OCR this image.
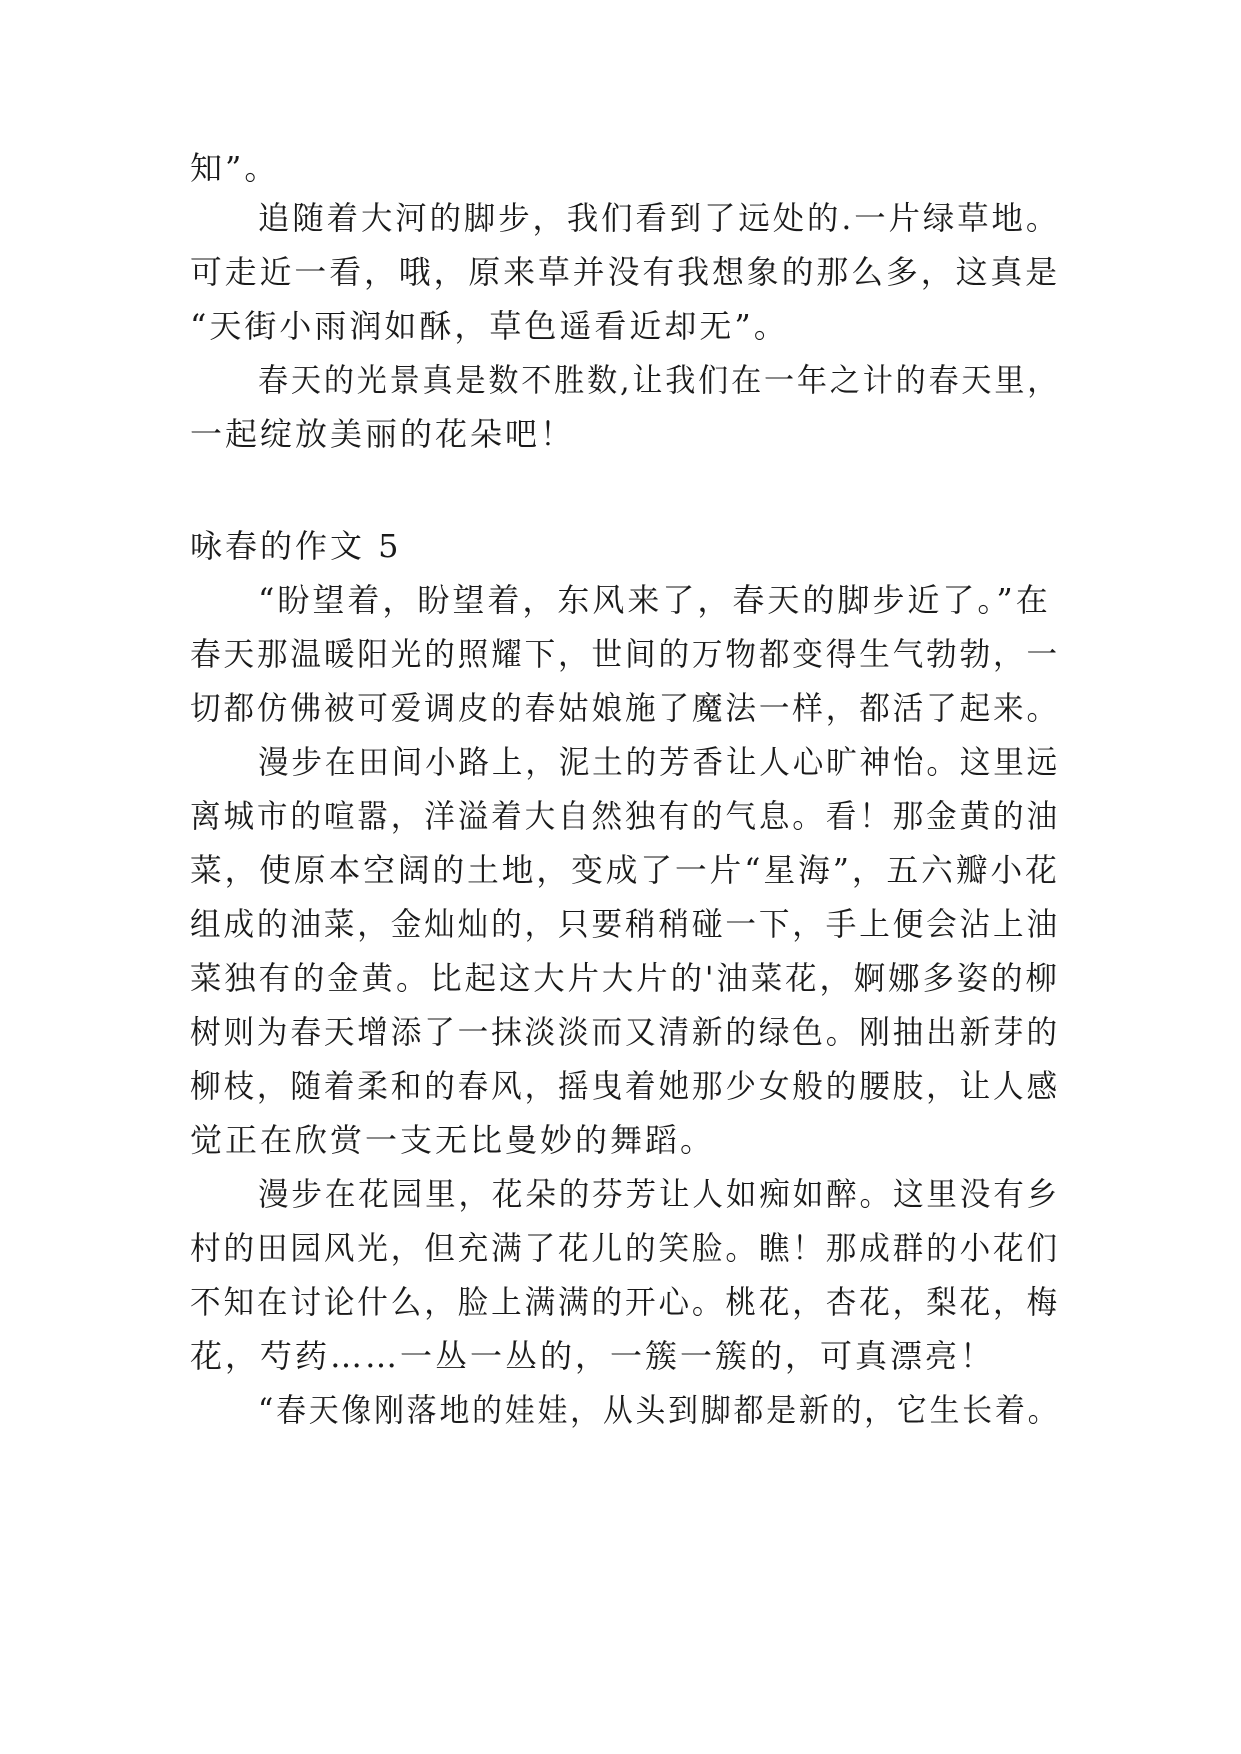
知”。
追随着大河的脚步，我们看到了远处的.一片绿草地。
可走近一看，哦，原来草并没有我想象的那么多，这真是
“天街小雨润如酥，草色遥看近却无”。
春天的光景真是数不胜数,让我们在一年之计的春天里，
一起绽放美丽的花朵吧！
咏春的作文 5
“盼望着，盼望着，东风来了，春天的脚步近了。”在
春天那温暖阳光的照耀下，世间的万物都变得生气勃勃，一
切都仿佛被可爱调皮的春姑娘施了魔法一样，都活了起来。
漫步在田间小路上，泥土的芳香让人心旷神怡。这里远
离城市的喧嚣，洋溢着大自然独有的气息。看！那金黄的油
菜，使原本空阔的土地，变成了一片“星海”，五六瓣小花
组成的油菜，金灿灿的，只要稍稍碰一下，手上便会沾上油
菜独有的金黄。比起这大片大片的'油菜花，婀娜多姿的柳
树则为春天增添了一抹淡淡而又清新的绿色。刚抽出新芽的
柳枝，随着柔和的春风，摇曳着她那少女般的腰肢，让人感
觉正在欣赏一支无比曼妙的舞蹈。
漫步在花园里，花朵的芬芳让人如痴如醉。这里没有乡
村的田园风光，但充满了花儿的笑脸。瞧！那成群的小花们
不知在讨论什么，脸上满满的开心。桃花，杏花，梨花，梅
花，芍药……一丛一丛的，一簇一簇的，可真漂亮！
“春天像刚落地的娃娃，从头到脚都是新的，它生长着。
